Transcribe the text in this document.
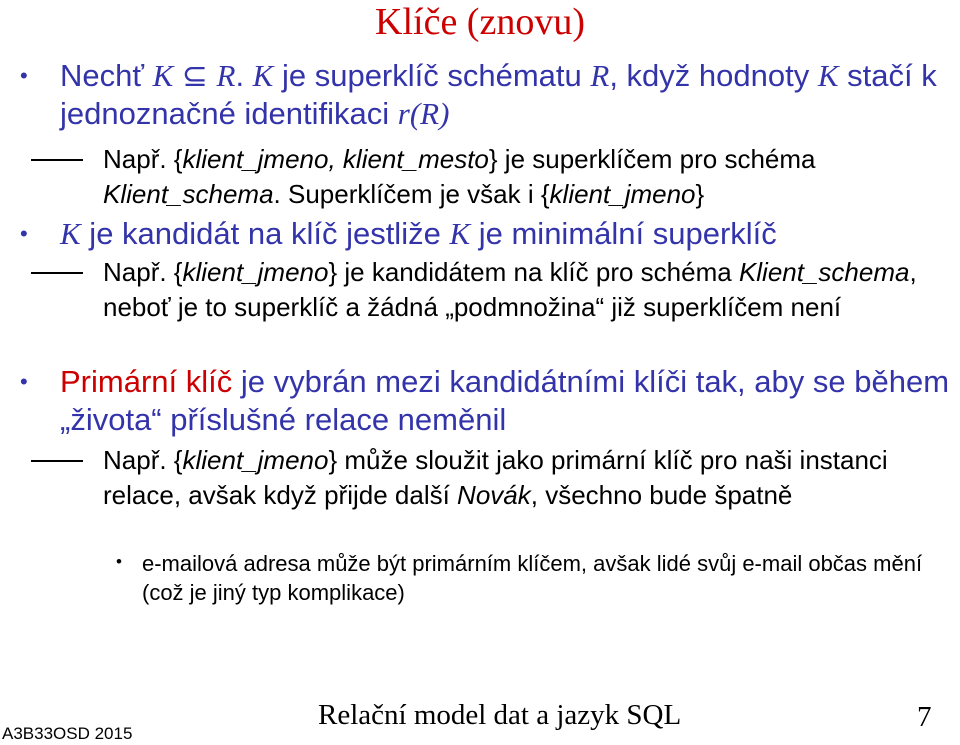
Klíče (znovu)
• Nechť K ⊆ R. K je superklíč schématu R, když hodnoty K stačí k jednoznačné identifikaci r(R)
Např. {klient_jmeno, klient_mesto} je superklíčem pro schéma Klient_schema. Superklíčem je však i {klient_jmeno}
• K je kandidát na klíč jestliže K je minimální superklíč
Např. {klient_jmeno} je kandidátem na klíč pro schéma Klient_schema, neboť je to superklíč a žádná „podmnožina“ již superklíčem není
• Primární klíč je vybrán mezi kandidátními klíči tak, aby se během „života“ příslušné relace neměnil
Např. {klient_jmeno} může sloužit jako primární klíč pro naši instanci relace, avšak když přijde další Novák, všechno bude špatně
• e-mailová adresa může být primárním klíčem, avšak lidé svůj e-mail občas mění (což je jiný typ komplikace)
A3B33OSD 2015
Relační model dat a jazyk SQL	7
